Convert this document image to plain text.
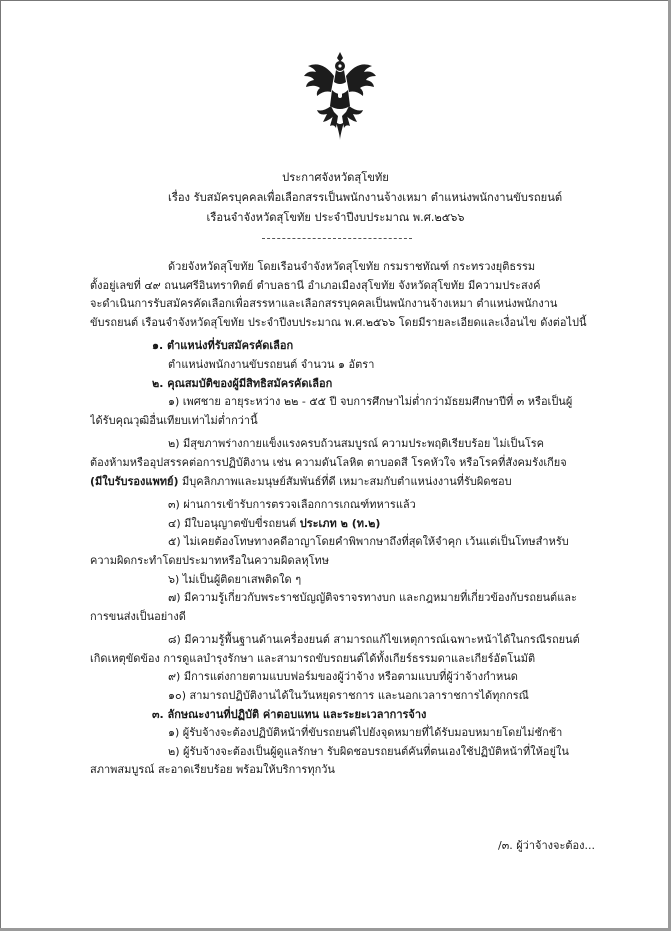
ประกาศจังหวัดสุโขทัย
เรื่อง รับสมัครบุคคลเพื่อเลือกสรรเป็นพนักงานจ้างเหมา ตำแหน่งพนักงานขับรถยนต์
เรือนจำจังหวัดสุโขทัย ประจำปีงบประมาณ พ.ศ.๒๕๖๖

ด้วยจังหวัดสุโขทัย โดยเรือนจำจังหวัดสุโขทัย กรมราชทัณฑ์ กระทรวงยุติธรรม

ตั้งอยู่เลขที่ ๔๙ ถนนศรีอินทราทิตย์ ตำบลธานี อำเภอเมืองสุโขทัย จังหวัดสุโขทัย มีความประสงค์

จะดำเนินการรับสมัครคัดเลือกเพื่อสรรหาและเลือกสรรบุคคลเป็นพนักงานจ้างเหมา ตำแหน่งพนักงาน

ขับรถยนต์ เรือนจำจังหวัดสุโขทัย ประจำปีงบประมาณ พ.ศ.๒๕๖๖ โดยมีรายละเอียดและเงื่อนไข ดังต่อไปนี้

๑. ตำแหน่งที่รับสมัครคัดเลือก

ตำแหน่งพนักงานขับรถยนต์ จำนวน ๑ อัตรา

๒. คุณสมบัติของผู้มีสิทธิสมัครคัดเลือก

๑) เพศชาย อายุระหว่าง ๒๒ - ๕๕ ปี จบการศึกษาไม่ต่ำกว่ามัธยมศึกษาปีที่ ๓ หรือเป็นผู้

ได้รับคุณวุฒิอื่นเทียบเท่าไม่ต่ำกว่านี้

๒) มีสุขภาพร่างกายแข็งแรงครบถ้วนสมบูรณ์ ความประพฤติเรียบร้อย ไม่เป็นโรค

ต้องห้ามหรืออุปสรรคต่อการปฏิบัติงาน เช่น ความดันโลหิต ตาบอดสี โรคหัวใจ หรือโรคที่สังคมรังเกียจ

(มีใบรับรองแพทย์) มีบุคลิกภาพและมนุษย์สัมพันธ์ที่ดี เหมาะสมกับตำแหน่งงานที่รับผิดชอบ

๓) ผ่านการเข้ารับการตรวจเลือกการเกณฑ์ทหารแล้ว

๔) มีใบอนุญาตขับขี่รถยนต์ ประเภท ๒ (ท.๒)

๕) ไม่เคยต้องโทษทางคดีอาญาโดยคำพิพากษาถึงที่สุดให้จำคุก เว้นแต่เป็นโทษสำหรับ

ความผิดกระทำโดยประมาทหรือในความผิดลหุโทษ

๖) ไม่เป็นผู้ติดยาเสพติดใด ๆ

๗) มีความรู้เกี่ยวกับพระราชบัญญัติจราจรทางบก และกฎหมายที่เกี่ยวข้องกับรถยนต์และ

การขนส่งเป็นอย่างดี

๘) มีความรู้พื้นฐานด้านเครื่องยนต์ สามารถแก้ไขเหตุการณ์เฉพาะหน้าได้ในกรณีรถยนต์

เกิดเหตุขัดข้อง การดูแลบำรุงรักษา และสามารถขับรถยนต์ได้ทั้งเกียร์ธรรมดาและเกียร์อัตโนมัติ

๙) มีการแต่งกายตามแบบฟอร์มของผู้ว่าจ้าง หรือตามแบบที่ผู้ว่าจ้างกำหนด

๑๐) สามารถปฏิบัติงานได้ในวันหยุดราชการ และนอกเวลาราชการได้ทุกกรณี

๓. ลักษณะงานที่ปฏิบัติ ค่าตอบแทน และระยะเวลาการจ้าง

๑) ผู้รับจ้างจะต้องปฏิบัติหน้าที่ขับรถยนต์ไปยังจุดหมายที่ได้รับมอบหมายโดยไม่ชักช้า

๒) ผู้รับจ้างจะต้องเป็นผู้ดูแลรักษา รับผิดชอบรถยนต์คันที่ตนเองใช้ปฏิบัติหน้าที่ให้อยู่ใน

สภาพสมบูรณ์ สะอาดเรียบร้อย พร้อมให้บริการทุกวัน

/๓. ผู้ว่าจ้างจะต้อง...
